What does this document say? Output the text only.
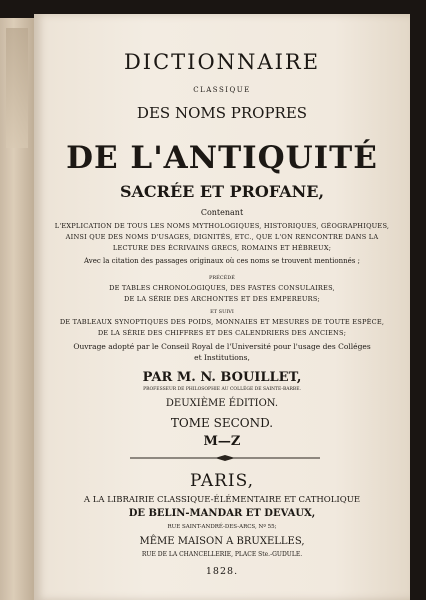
DICTIONNAIRE
CLASSIQUE
DES NOMS PROPRES
DE L'ANTIQUITÉ
SACRÉE ET PROFANE,
Contenant
L'EXPLICATION DE TOUS LES NOMS MYTHOLOGIQUES, HISTORIQUES, GÉOGRAPHIQUES,
AINSI QUE DES NOMS D'USAGES, DIGNITÉS, ETC., QUE L'ON RENCONTRE DANS LA
LECTURE DES ÉCRIVAINS GRECS, ROMAINS ET HÉBREUX;
Avec la citation des passages originaux où ces noms se trouvent mentionnés ;
PRÉCÉDÉ
DE TABLES CHRONOLOGIQUES, DES FASTES CONSULAIRES,
DE LA SÉRIE DES ARCHONTES ET DES EMPEREURS;
ET SUIVI
DE TABLEAUX SYNOPTIQUES DES POIDS, MONNAIES ET MESURES DE TOUTE ESPÈCE,
DE LA SÉRIE DES CHIFFRES ET DES CALENDRIERS DES ANCIENS;
Ouvrage adopté par le Conseil Royal de l'Université pour l'usage des Colléges
et Institutions,
PAR M. N. BOUILLET,
PROFESSEUR DE PHILOSOPHIE AU COLLÉGE DE SAINTE-BARBE.
DEUXIÈME ÉDITION.
TOME SECOND.
M—Z
PARIS,
A LA LIBRAIRIE CLASSIQUE-ÉLÉMENTAIRE ET CATHOLIQUE
DE BELIN-MANDAR ET DEVAUX,
RUE SAINT-ANDRÉ-DES-ARCS, Nº 55;
MÊME MAISON A BRUXELLES,
RUE DE LA CHANCELLERIE, PLACE Ste.-GUDULE.
1828.
